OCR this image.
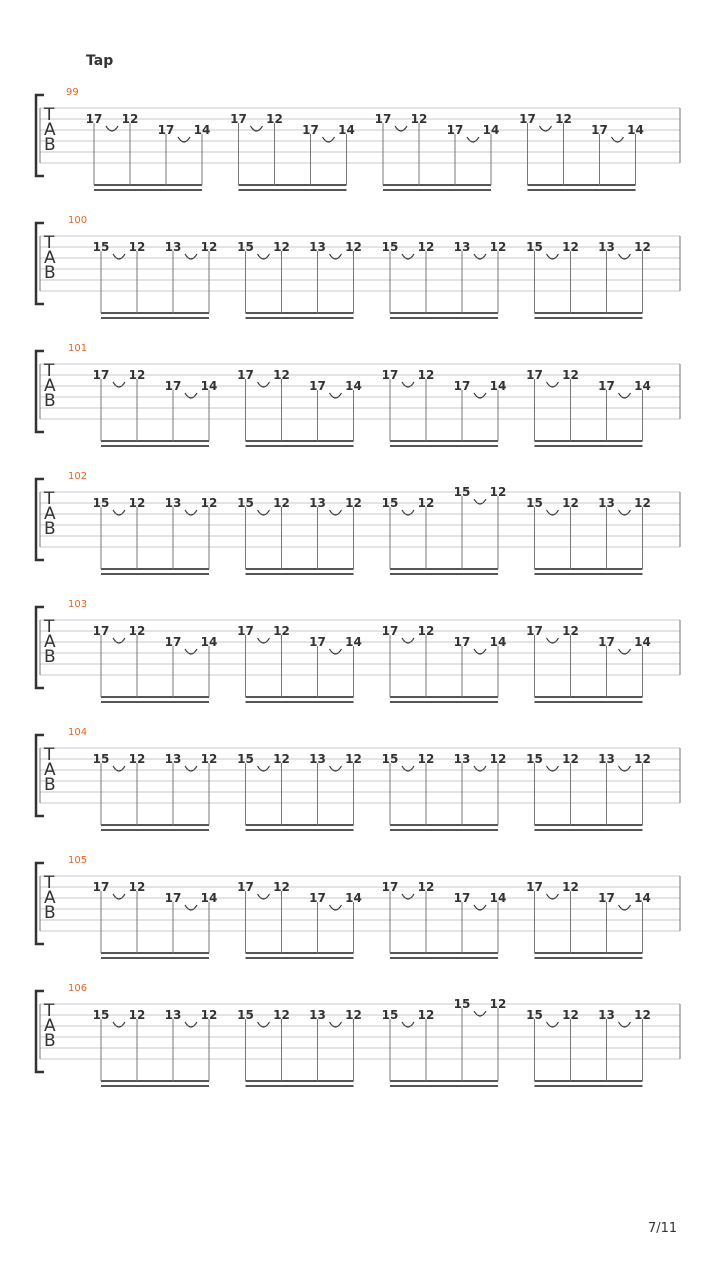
Tap
T
A
B
99
17 12
17 14
17 12
17 14
17 12
17 14
17 12
17 14
T
A
B
100
15 12 13 12 15 12 13 12 15 12 13 12 15 12 13 12
T
A
B
101
17 12
17 14
17 12
17 14
17 12
17 14
17 12
17 14
T
A
B
102
15 12 13 12 15 12 13 12 15 12
15 12
15 12 13 12
T
A
B
103
17 12
17 14
17 12
17 14
17 12
17 14
17 12
17 14
T
A
B
104
15 12 13 12 15 12 13 12 15 12 13 12 15 12 13 12
T
A
B
105
17 12
17 14
17 12
17 14
17 12
17 14
17 12
17 14
T
A
B
106
15 12 13 12 15 12 13 12 15 12
15 12
15 12 13 12
7/11
